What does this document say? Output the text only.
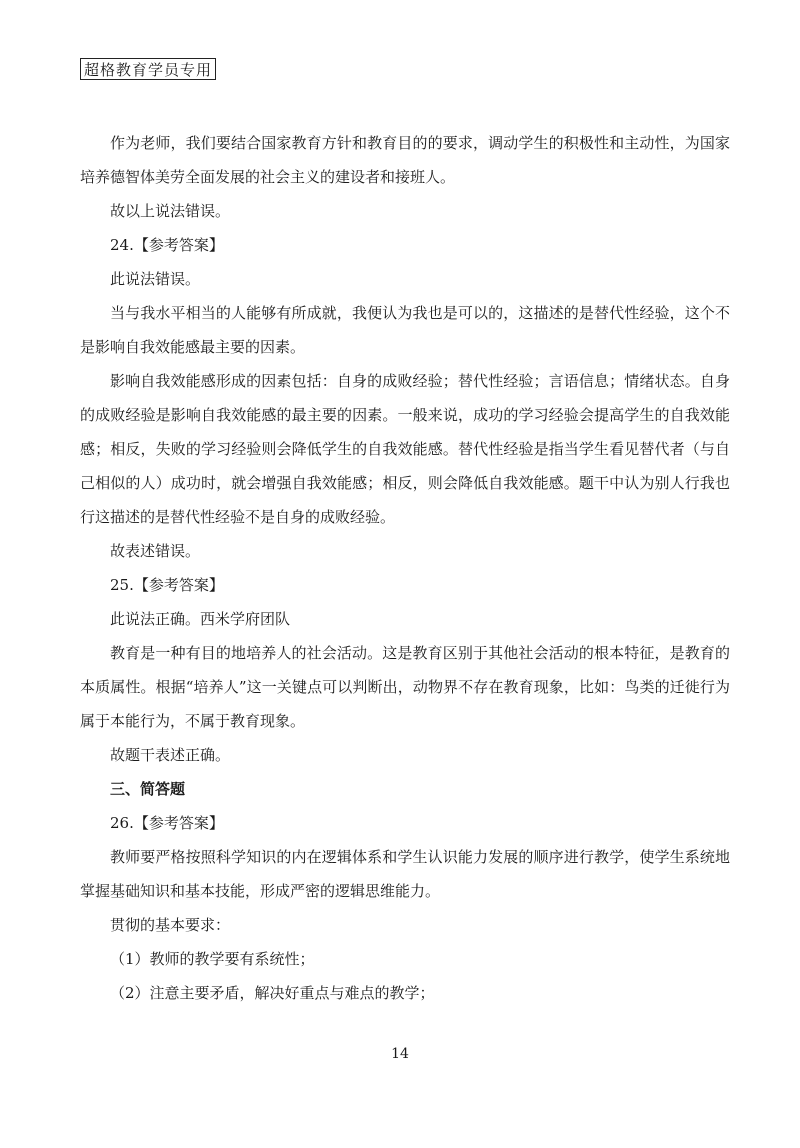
超格教育学员专用

作为老师，我们要结合国家教育方针和教育目的的要求，调动学生的积极性和主动性，为国家培养德智体美劳全面发展的社会主义的建设者和接班人。

故以上说法错误。

24.【参考答案】

此说法错误。

当与我水平相当的人能够有所成就，我便认为我也是可以的，这描述的是替代性经验，这个不是影响自我效能感最主要的因素。

影响自我效能感形成的因素包括：自身的成败经验；替代性经验；言语信息；情绪状态。自身的成败经验是影响自我效能感的最主要的因素。一般来说，成功的学习经验会提高学生的自我效能感；相反，失败的学习经验则会降低学生的自我效能感。替代性经验是指当学生看见替代者（与自己相似的人）成功时，就会增强自我效能感；相反，则会降低自我效能感。题干中认为别人行我也行这描述的是替代性经验不是自身的成败经验。

故表述错误。

25.【参考答案】

此说法正确。西米学府团队

教育是一种有目的地培养人的社会活动。这是教育区别于其他社会活动的根本特征，是教育的本质属性。根据“培养人”这一关键点可以判断出，动物界不存在教育现象，比如：鸟类的迁徙行为属于本能行为，不属于教育现象。

故题干表述正确。

三、简答题

26.【参考答案】

教师要严格按照科学知识的内在逻辑体系和学生认识能力发展的顺序进行教学，使学生系统地掌握基础知识和基本技能，形成严密的逻辑思维能力。

贯彻的基本要求：

（1）教师的教学要有系统性；

（2）注意主要矛盾，解决好重点与难点的教学；

14
